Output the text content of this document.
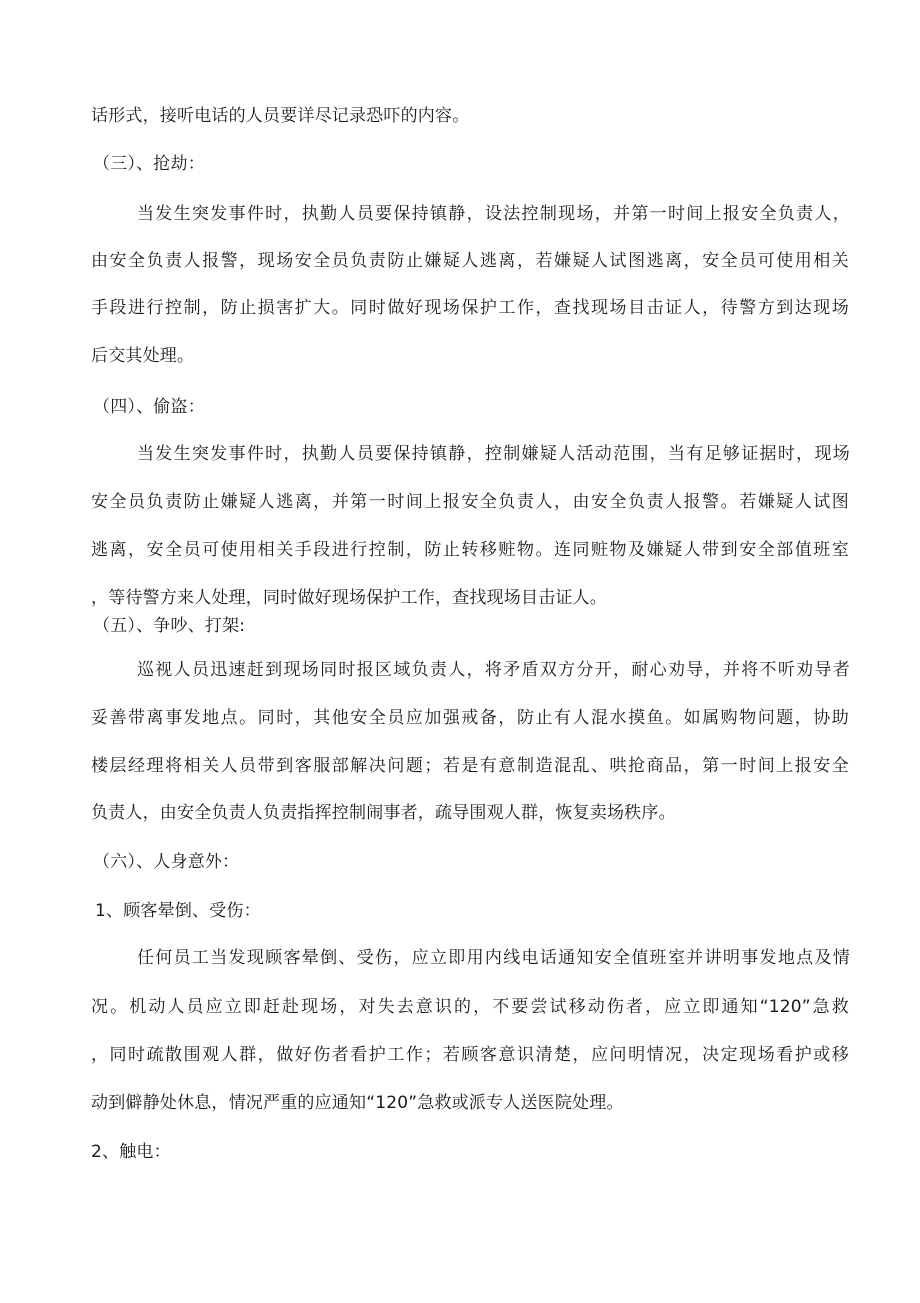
话形式，接听电话的人员要详尽记录恐吓的内容。
（三）、抢劫：
当发生突发事件时，执勤人员要保持镇静，设法控制现场，并第一时间上报安全负责人，
由安全负责人报警，现场安全员负责防止嫌疑人逃离，若嫌疑人试图逃离，安全员可使用相关
手段进行控制，防止损害扩大。同时做好现场保护工作，查找现场目击证人，待警方到达现场
后交其处理。
（四）、偷盗：
当发生突发事件时，执勤人员要保持镇静，控制嫌疑人活动范围，当有足够证据时，现场
安全员负责防止嫌疑人逃离，并第一时间上报安全负责人，由安全负责人报警。若嫌疑人试图
逃离，安全员可使用相关手段进行控制，防止转移赃物。连同赃物及嫌疑人带到安全部值班室
，等待警方来人处理，同时做好现场保护工作，查找现场目击证人。
（五）、争吵、打架:
巡视人员迅速赶到现场同时报区域负责人，将矛盾双方分开，耐心劝导，并将不听劝导者
妥善带离事发地点。同时，其他安全员应加强戒备，防止有人混水摸鱼。如属购物问题，协助
楼层经理将相关人员带到客服部解决问题；若是有意制造混乱、哄抢商品，第一时间上报安全
负责人，由安全负责人负责指挥控制闹事者，疏导围观人群，恢复卖场秩序。
（六）、人身意外：
1、顾客晕倒、受伤：
任何员工当发现顾客晕倒、受伤，应立即用内线电话通知安全值班室并讲明事发地点及情
况。机动人员应立即赶赴现场，对失去意识的，不要尝试移动伤者，应立即通知“120”急救
，同时疏散围观人群，做好伤者看护工作；若顾客意识清楚，应问明情况，决定现场看护或移
动到僻静处休息，情况严重的应通知“120”急救或派专人送医院处理。
2、触电：
